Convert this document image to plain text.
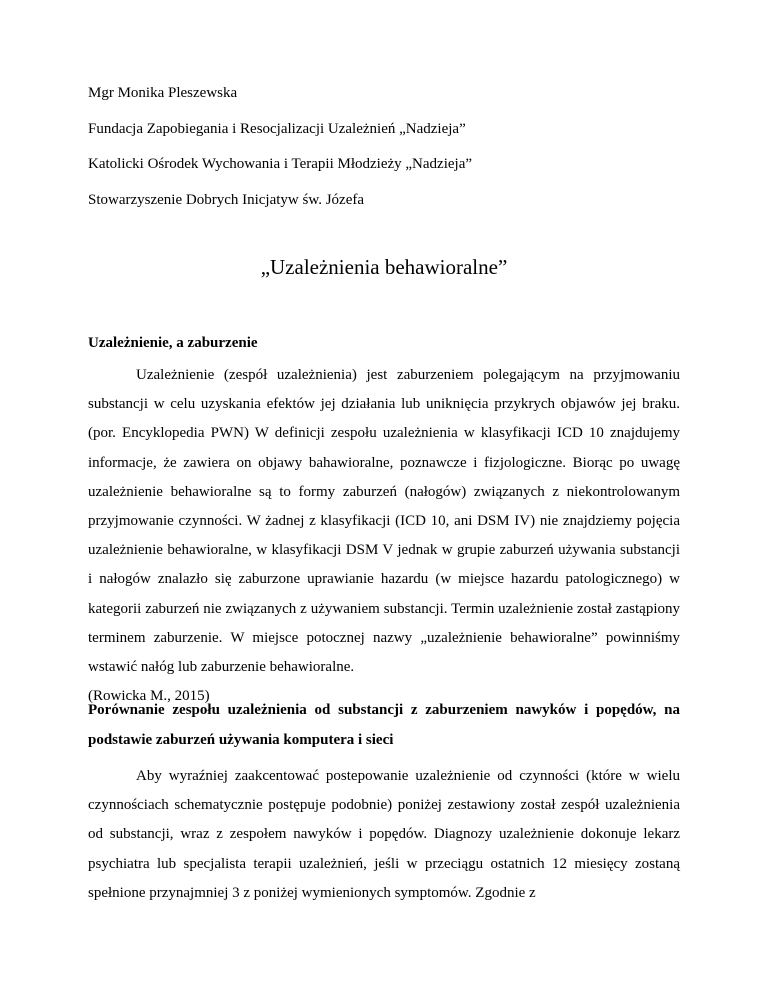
Mgr Monika Pleszewska
Fundacja Zapobiegania i Resocjalizacji Uzależnień „Nadzieja”
Katolicki Ośrodek Wychowania i Terapii Młodzieży „Nadzieja”
Stowarzyszenie Dobrych Inicjatyw św. Józefa
„Uzależnienia behawioralne”
Uzależnienie, a zaburzenie

Uzależnienie (zespół uzależnienia) jest zaburzeniem polegającym na przyjmowaniu substancji w celu uzyskania efektów jej działania lub uniknięcia przykrych objawów jej braku. (por. Encyklopedia PWN) W definicji zespołu uzależnienia w klasyfikacji ICD 10 znajdujemy informacje, że zawiera on objawy bahawioralne, poznawcze i fizjologiczne. Biorąc po uwagę uzależnienie behawioralne są to formy zaburzeń (nałogów) związanych z niekontrolowanym przyjmowanie czynności. W żadnej z klasyfikacji (ICD 10, ani DSM IV) nie znajdziemy pojęcia uzależnienie behawioralne, w klasyfikacji DSM V jednak w grupie zaburzeń używania substancji i nałogów znalazło się zaburzone uprawianie hazardu (w miejsce hazardu patologicznego) w kategorii zaburzeń nie związanych z używaniem substancji. Termin uzależnienie został zastąpiony terminem zaburzenie. W miejsce potocznej nazwy „uzależnienie behawioralne” powinniśmy wstawić nałóg lub zaburzenie behawioralne.
(Rowicka M., 2015)

Porównanie zespołu uzależnienia od substancji z zaburzeniem nawyków i popędów, na podstawie zaburzeń używania komputera i sieci

Aby wyraźniej zaakcentować postepowanie uzależnienie od czynności (które w wielu czynnościach schematycznie postępuje podobnie) poniżej zestawiony został zespół uzależnienia od substancji, wraz z zespołem nawyków i popędów. Diagnozy uzależnienie dokonuje lekarz psychiatra lub specjalista terapii uzależnień, jeśli w przeciągu ostatnich 12 miesięcy zostaną spełnione przynajmniej 3 z poniżej wymienionych symptomów. Zgodnie z
